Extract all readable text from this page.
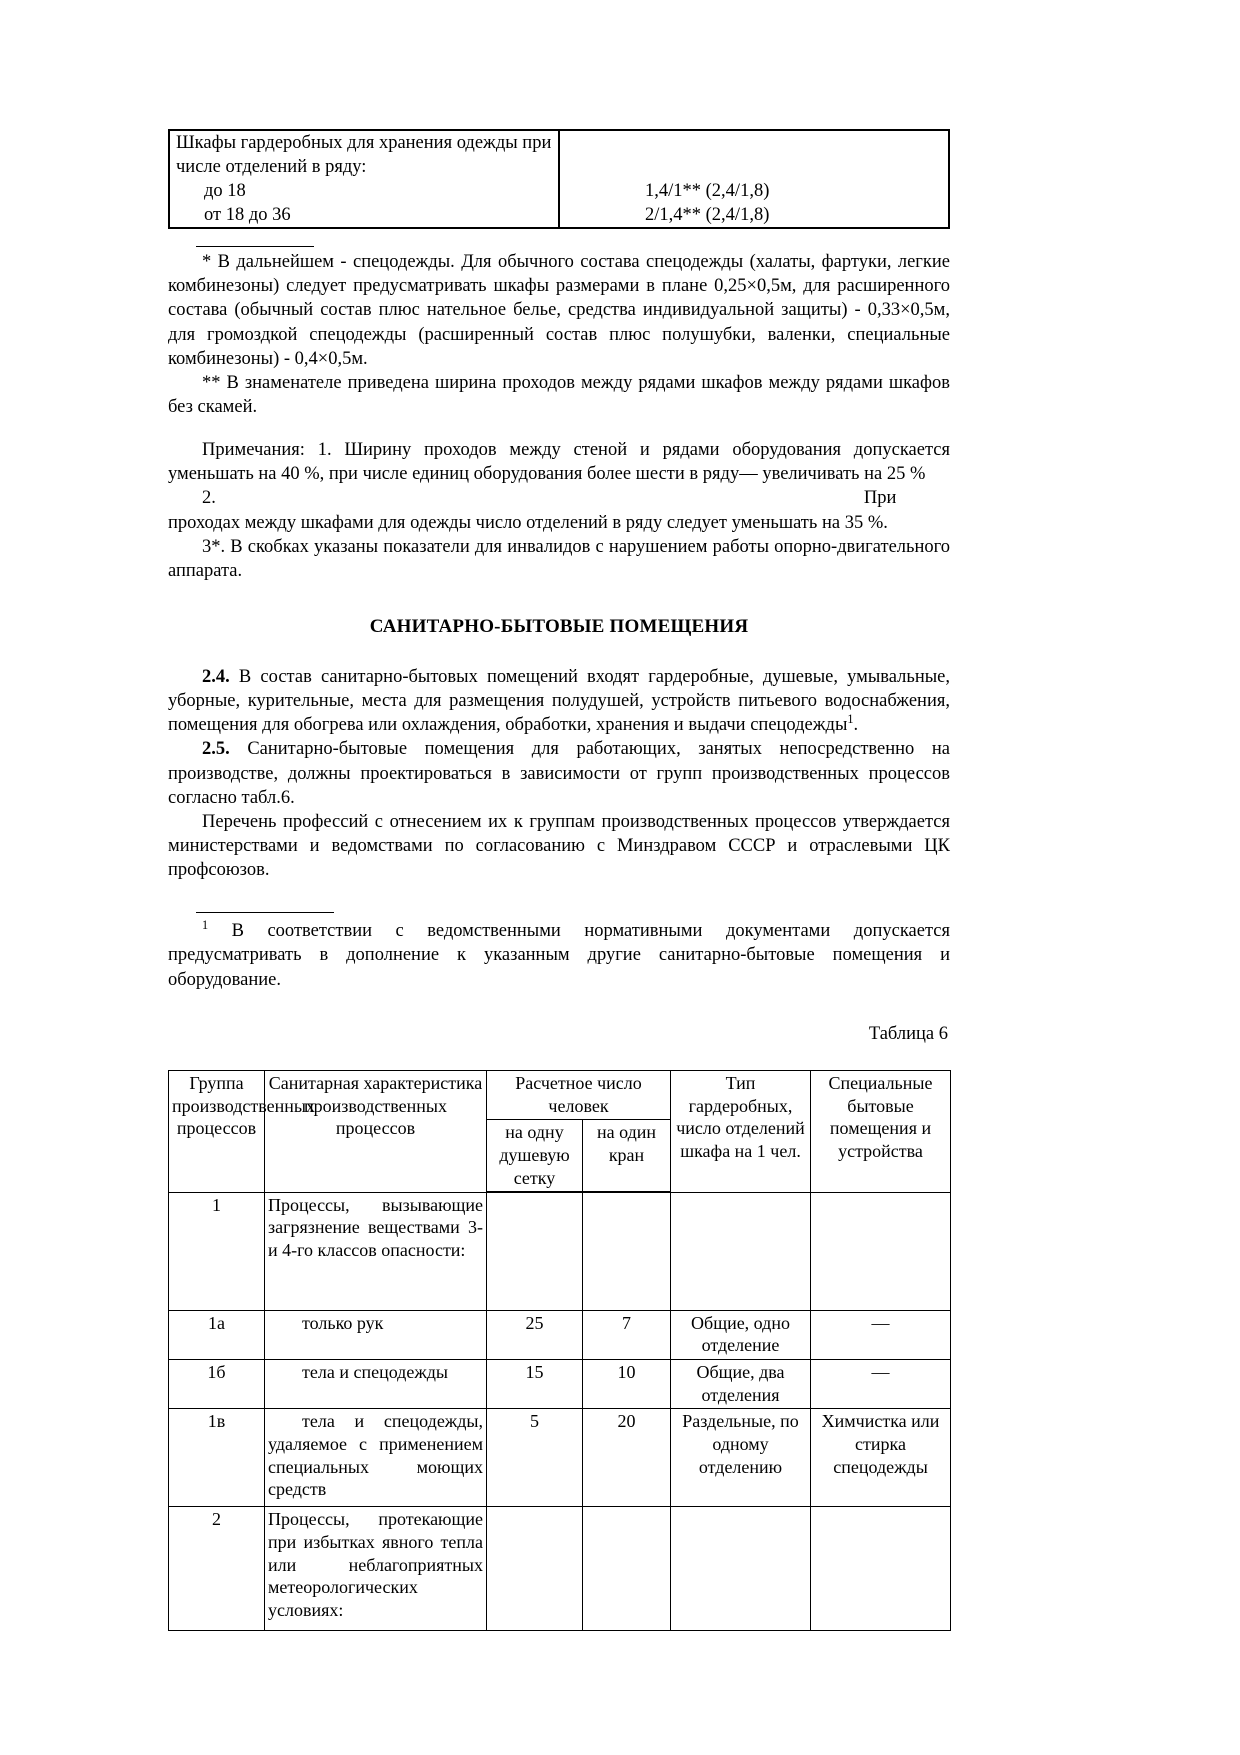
Шкафы гардеробных для хранения одежды при числе отделений в ряду:	
до 18	1,4/1** (2,4/1,8)
от 18 до 36	2/1,4** (2,4/1,8)

* В дальнейшем - спецодежды. Для обычного состава спецодежды (халаты, фартуки, легкие комбинезоны) следует предусматривать шкафы размерами в плане 0,25×0,5м, для расширенного состава (обычный состав плюс нательное белье, средства индивидуальной защиты) - 0,33×0,5м, для громоздкой спецодежды (расширенный состав плюс полушубки, валенки, специальные комбинезоны) - 0,4×0,5м.

** В знаменателе приведена ширина проходов между рядами шкафов между рядами шкафов без скамей.

Примечания: 1. Ширину проходов между стеной и рядами оборудования допускается уменьшать на 40 %, при числе единиц оборудования более шести в ряду— увеличивать на 25 %

2.	При

проходах между шкафами для одежды число отделений в ряду следует уменьшать на 35 %.

3*. В скобках указаны показатели для инвалидов с нарушением работы опорно-двигательного аппарата.

САНИТАРНО-БЫТОВЫЕ ПОМЕЩЕНИЯ

2.4. В состав санитарно-бытовых помещений входят гардеробные, душевые, умывальные, уборные, курительные, места для размещения полудушей, устройств питьевого водоснабжения, помещения для обогрева или охлаждения, обработки, хранения и выдачи спецодежды$^1$.

2.5. Санитарно-бытовые помещения для работающих, занятых непосредственно на производстве, должны проектироваться в зависимости от групп производственных процессов согласно табл.6.

Перечень профессий с отнесением их к группам производственных процессов утверждается министерствами и ведомствами по согласованию с Минздравом СССР и отраслевыми ЦК профсоюзов.

$^1$ В соответствии с ведомственными нормативными документами допускается предусматривать в дополнение к указанным другие санитарно-бытовые помещения и оборудование.

Таблица 6

Группа производственных процессов	Санитарная характеристика производственных процессов	Расчетное число человек		Тип гардеробных, число отделений шкафа на 1 чел.	Специальные бытовые помещения и устройства
		на одну душевую сетку	на один кран		
1	Процессы, вызывающие загрязнение веществами 3- и 4-го классов опасности:				
1а	только рук	25	7	Общие, одно отделение	—
1б	тела и спецодежды	15	10	Общие, два отделения	—
1в	тела и спецодежды, удаляемое с применением специальных моющих средств	5	20	Раздельные, по одному отделению	Химчистка или стирка спецодежды
2	Процессы, протекающие при избытках явного тепла или неблагоприятных метеорологических условиях:				
